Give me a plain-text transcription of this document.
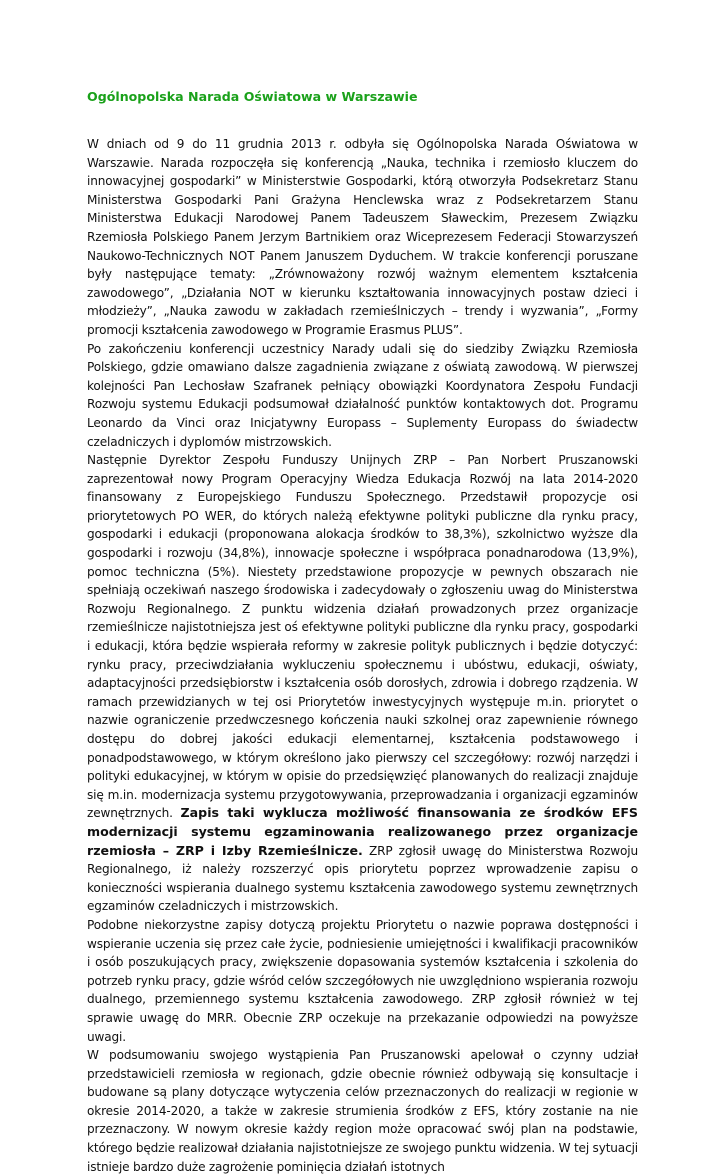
Ogólnopolska Narada Oświatowa w Warszawie

W dniach od 9 do 11 grudnia 2013 r. odbyła się Ogólnopolska Narada Oświatowa w Warszawie. Narada rozpoczęła się konferencją „Nauka, technika i rzemiosło kluczem do innowacyjnej gospodarki” w Ministerstwie Gospodarki, którą otworzyła Podsekretarz Stanu Ministerstwa Gospodarki Pani Grażyna Henclewska wraz z Podsekretarzem Stanu Ministerstwa Edukacji Narodowej Panem Tadeuszem Sławeckim, Prezesem Związku Rzemiosła Polskiego Panem Jerzym Bartnikiem oraz Wiceprezesem Federacji Stowarzyszeń Naukowo-Technicznych NOT Panem Januszem Dyduchem. W trakcie konferencji poruszane były następujące tematy: „Zrównoważony rozwój ważnym elementem kształcenia zawodowego”, „Działania NOT w kierunku kształtowania innowacyjnych postaw dzieci i młodzieży”, „Nauka zawodu w zakładach rzemieślniczych – trendy i wyzwania”, „Formy promocji kształcenia zawodowego w Programie Erasmus PLUS”.

Po zakończeniu konferencji uczestnicy Narady udali się do siedziby Związku Rzemiosła Polskiego, gdzie omawiano dalsze zagadnienia związane z oświatą zawodową. W pierwszej kolejności Pan Lechosław Szafranek pełniący obowiązki Koordynatora Zespołu Fundacji Rozwoju systemu Edukacji podsumował działalność punktów kontaktowych dot. Programu Leonardo da Vinci oraz Inicjatywny Europass – Suplementy Europass do świadectw czeladniczych i dyplomów mistrzowskich.

Następnie Dyrektor Zespołu Funduszy Unijnych ZRP – Pan Norbert Pruszanowski zaprezentował nowy Program Operacyjny Wiedza Edukacja Rozwój na lata 2014-2020 finansowany z Europejskiego Funduszu Społecznego. Przedstawił propozycje osi priorytetowych PO WER, do których należą efektywne polityki publiczne dla rynku pracy, gospodarki i edukacji (proponowana alokacja środków to 38,3%), szkolnictwo wyższe dla gospodarki i rozwoju (34,8%), innowacje społeczne i współpraca ponadnarodowa (13,9%), pomoc techniczna (5%). Niestety przedstawione propozycje w pewnych obszarach nie spełniają oczekiwań naszego środowiska i zadecydowały o zgłoszeniu uwag do Ministerstwa Rozwoju Regionalnego. Z punktu widzenia działań prowadzonych przez organizacje rzemieślnicze najistotniejsza jest oś efektywne polityki publiczne dla rynku pracy, gospodarki i edukacji, która będzie wspierała reformy w zakresie polityk publicznych i będzie dotyczyć: rynku pracy, przeciwdziałania wykluczeniu społecznemu i ubóstwu, edukacji, oświaty, adaptacyjności przedsiębiorstw i kształcenia osób dorosłych, zdrowia i dobrego rządzenia. W ramach przewidzianych w tej osi Priorytetów inwestycyjnych występuje m.in. priorytet o nazwie ograniczenie przedwczesnego kończenia nauki szkolnej oraz zapewnienie równego dostępu do dobrej jakości edukacji elementarnej, kształcenia podstawowego i ponadpodstawowego, w którym określono jako pierwszy cel szczegółowy: rozwój narzędzi i polityki edukacyjnej, w którym w opisie do przedsięwzięć planowanych do realizacji znajduje się m.in. modernizacja systemu przygotowywania, przeprowadzania i organizacji egzaminów zewnętrznych. Zapis taki wyklucza możliwość finansowania ze środków EFS modernizacji systemu egzaminowania realizowanego przez organizacje rzemiosła – ZRP i Izby Rzemieślnicze. ZRP zgłosił uwagę do Ministerstwa Rozwoju Regionalnego, iż należy rozszerzyć opis priorytetu poprzez wprowadzenie zapisu o konieczności wspierania dualnego systemu kształcenia zawodowego systemu zewnętrznych egzaminów czeladniczych i mistrzowskich.

Podobne niekorzystne zapisy dotyczą projektu Priorytetu o nazwie poprawa dostępności i wspieranie uczenia się przez całe życie, podniesienie umiejętności i kwalifikacji pracowników i osób poszukujących pracy, zwiększenie dopasowania systemów kształcenia i szkolenia do potrzeb rynku pracy, gdzie wśród celów szczegółowych nie uwzględniono wspierania rozwoju dualnego, przemiennego systemu kształcenia zawodowego. ZRP zgłosił również w tej sprawie uwagę do MRR. Obecnie ZRP oczekuje na przekazanie odpowiedzi na powyższe uwagi.

W podsumowaniu swojego wystąpienia Pan Pruszanowski apelował o czynny udział przedstawicieli rzemiosła w regionach, gdzie obecnie również odbywają się konsultacje i budowane są plany dotyczące wytyczenia celów przeznaczonych do realizacji w regionie w okresie 2014-2020, a także w zakresie strumienia środków z EFS, który zostanie na nie przeznaczony. W nowym okresie każdy region może opracować swój plan na podstawie, którego będzie realizował działania najistotniejsze ze swojego punktu widzenia. W tej sytuacji istnieje bardzo duże zagrożenie pominięcia działań istotnych
